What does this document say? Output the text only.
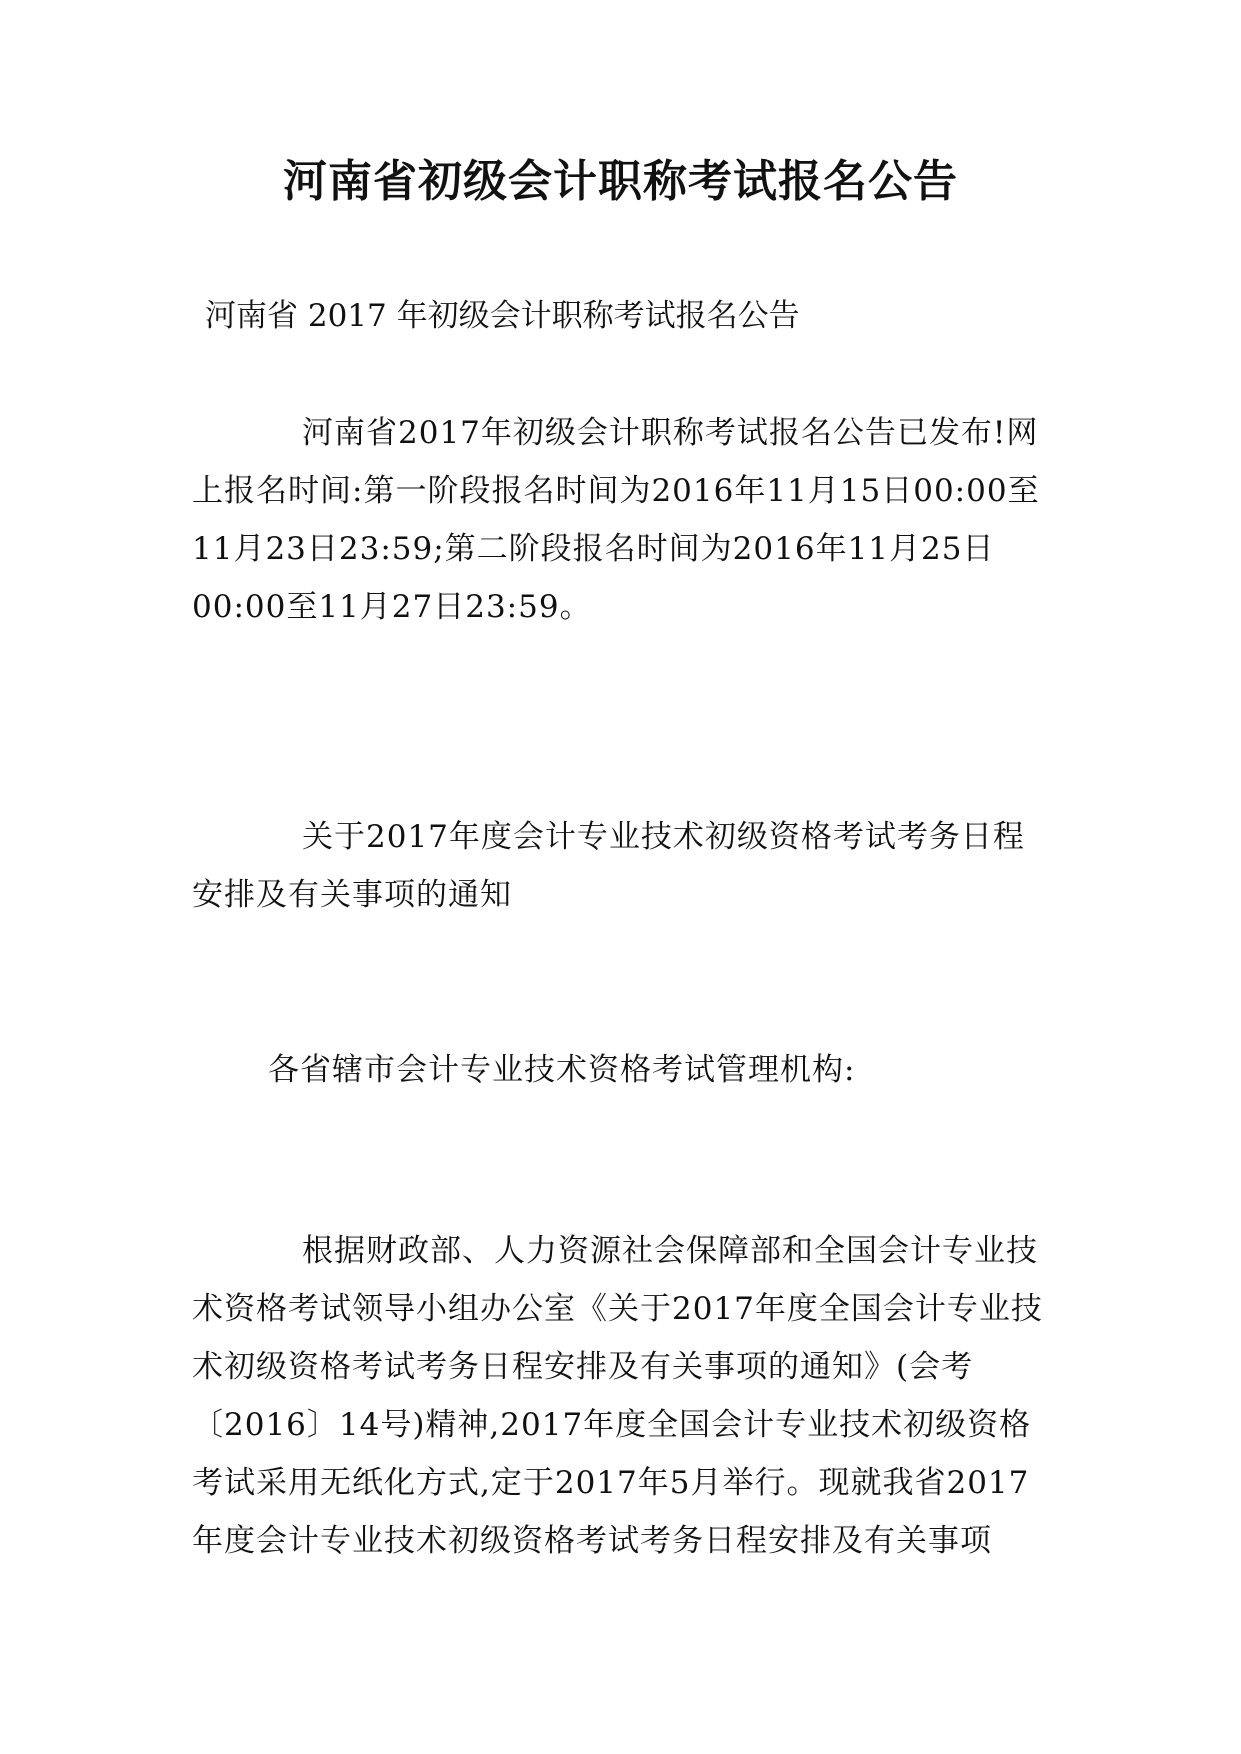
河南省初级会计职称考试报名公告

河南省 2017 年初级会计职称考试报名公告

河南省2017年初级会计职称考试报名公告已发布!网上报名时间:第一阶段报名时间为2016年11月15日00:00至11月23日23:59;第二阶段报名时间为2016年11月25日00:00至11月27日23:59。

关于2017年度会计专业技术初级资格考试考务日程安排及有关事项的通知

各省辖市会计专业技术资格考试管理机构:

根据财政部、人力资源社会保障部和全国会计专业技术资格考试领导小组办公室《关于2017年度全国会计专业技术初级资格考试考务日程安排及有关事项的通知》(会考〔2016〕14号)精神,2017年度全国会计专业技术初级资格考试采用无纸化方式,定于2017年5月举行。现就我省2017年度会计专业技术初级资格考试考务日程安排及有关事项
